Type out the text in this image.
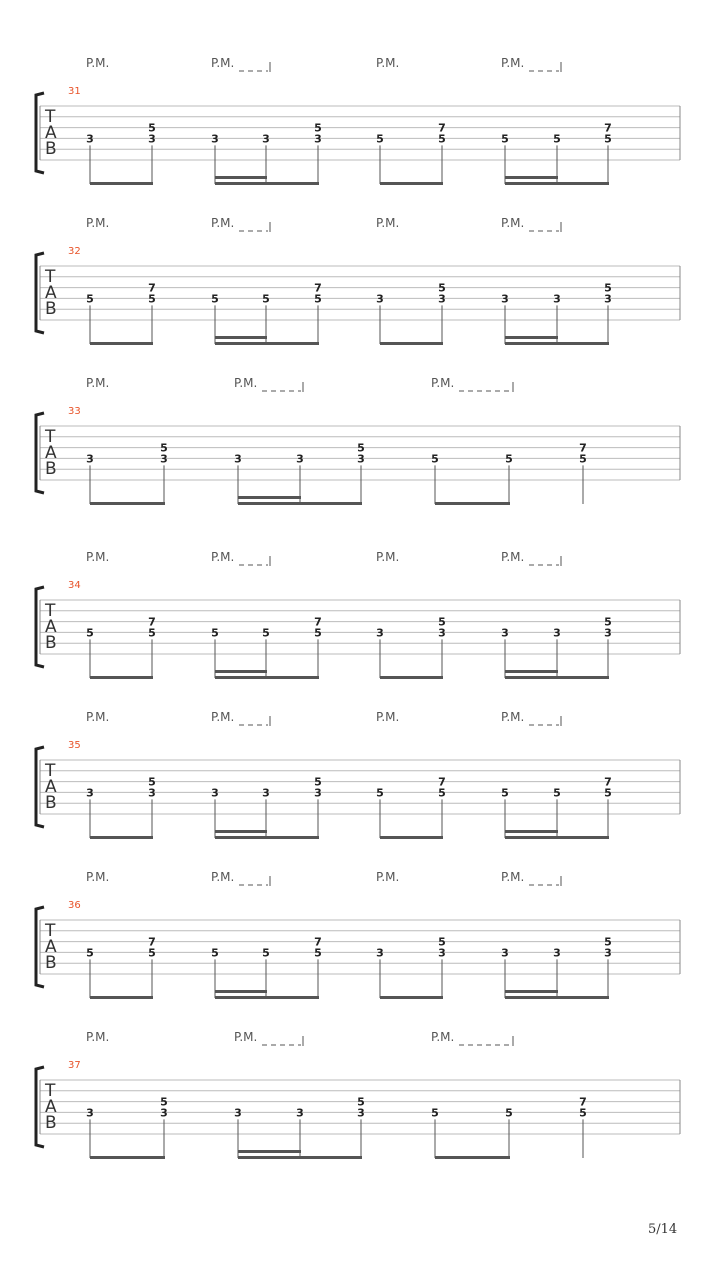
P.M.	P.M.	P.M.	P.M.
31
T
A
B
3
5
3	3	3
5
3	5
7
5	5	5
7
5
P.M.	P.M.	P.M.	P.M.
32
T
A
B
5
7
5	5	5
7
5	3
5
3	3	3
5
3
P.M.	P.M.	P.M.
33
T
A
B
3
5
3	3	3
5
3	5	5
7
5
P.M.	P.M.	P.M.	P.M.
34
T
A
B
5
7
5	5	5
7
5	3
5
3	3	3
5
3
P.M.	P.M.	P.M.	P.M.
35
T
A
B
3
5
3	3	3
5
3	5
7
5	5	5
7
5
P.M.	P.M.	P.M.	P.M.
36
T
A
B
5
7
5	5	5
7
5	3
5
3	3	3
5
3
P.M.	P.M.	P.M.
37
T
A
B
3
5
3	3	3
5
3	5	5
7
5
5/14
